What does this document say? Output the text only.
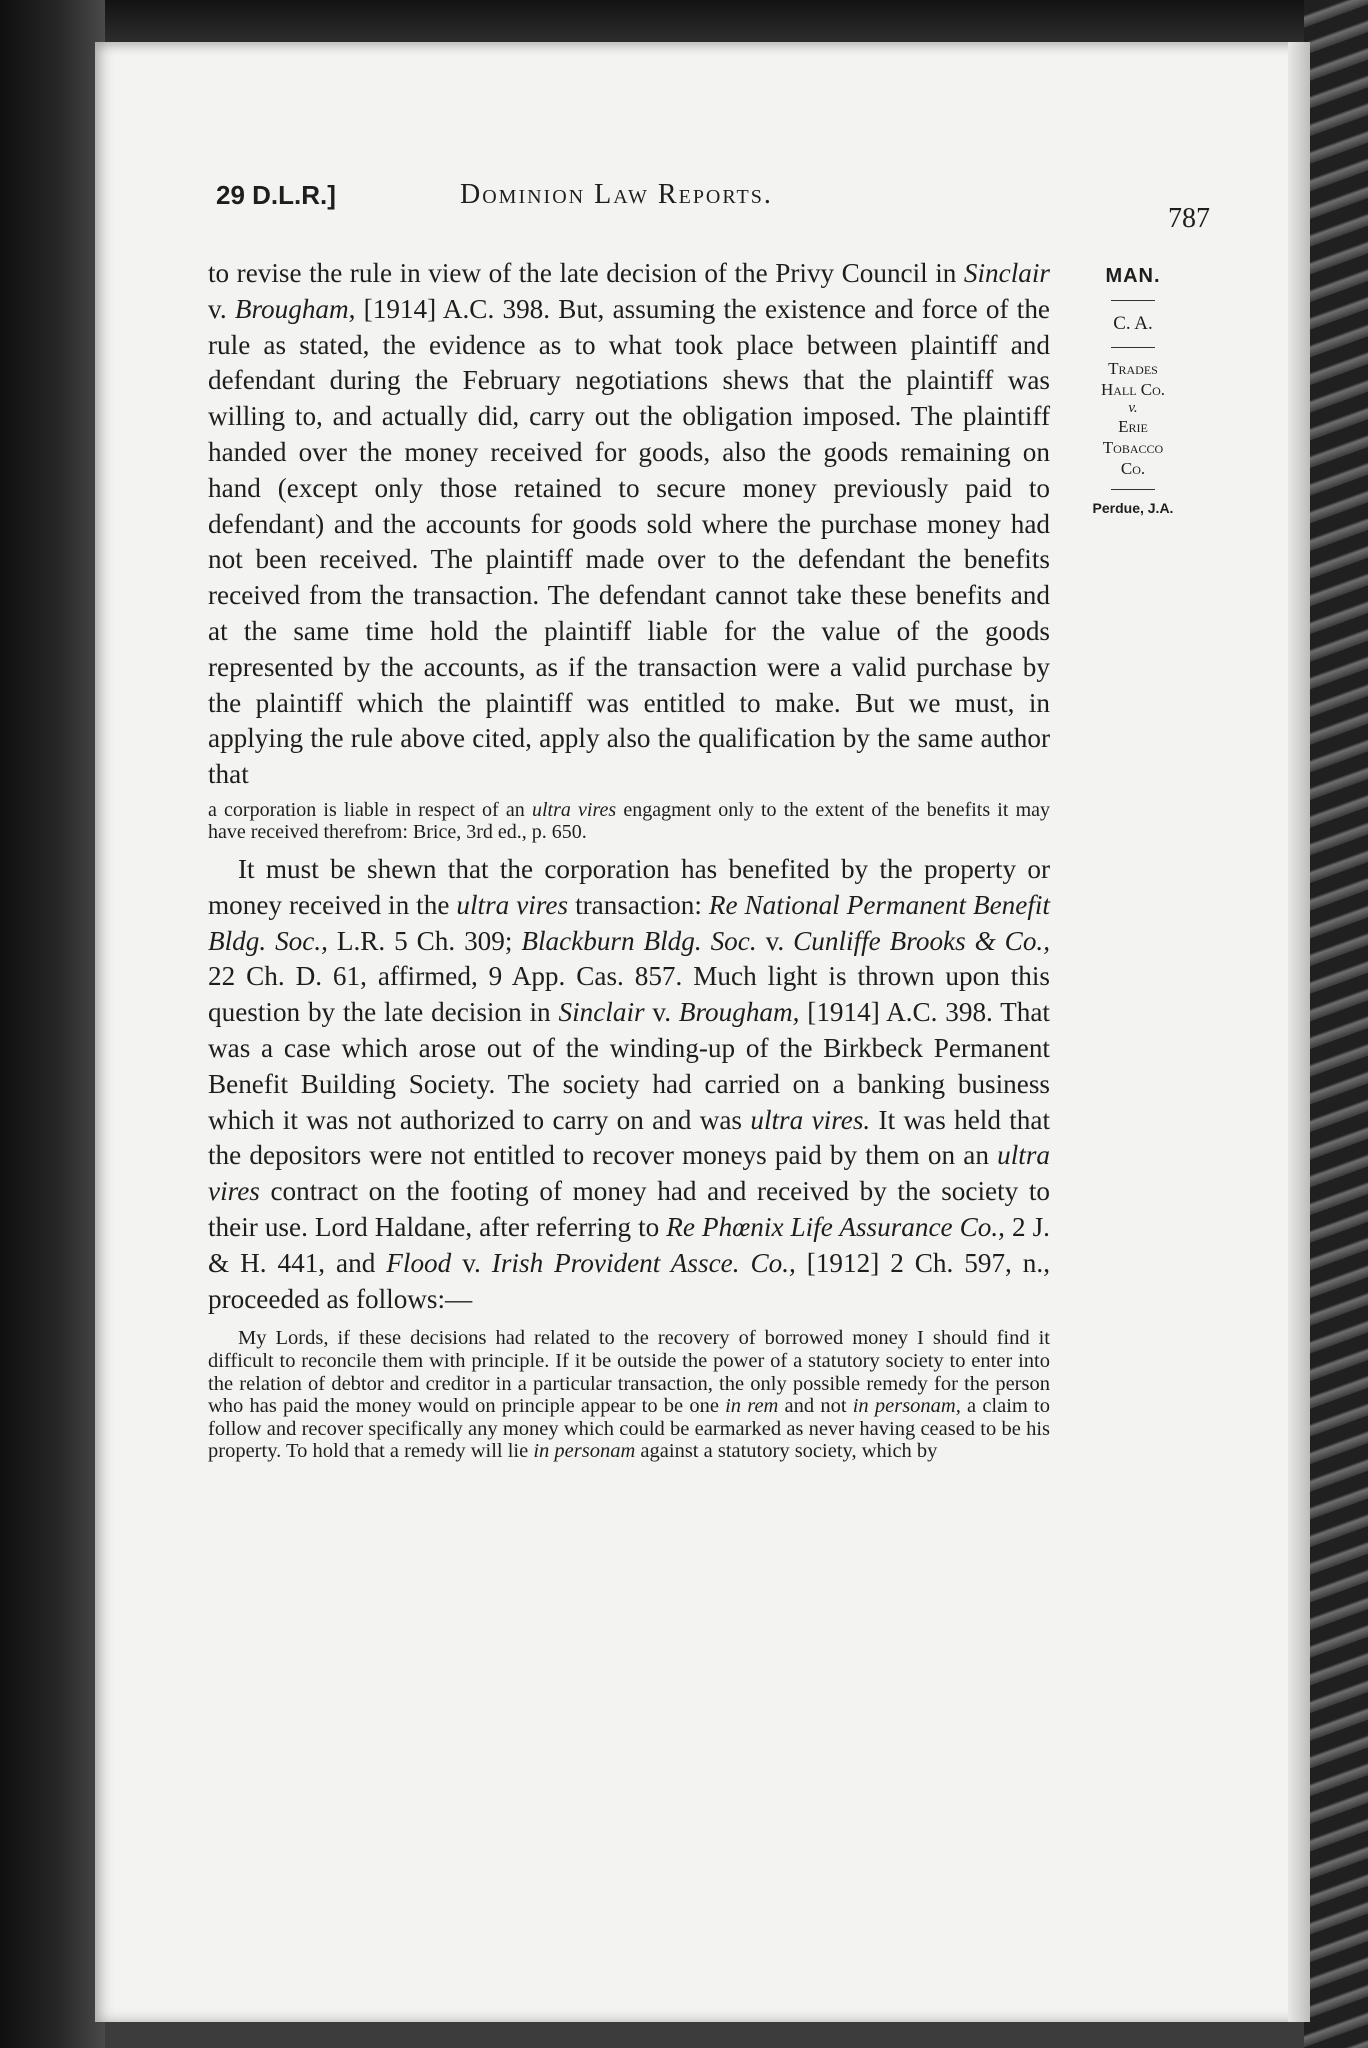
29 D.L.R.]	Dominion Law Reports.
787

to revise the rule in view of the late decision of the Privy Council in Sinclair v. Brougham, [1914] A.C. 398. But, assuming the existence and force of the rule as stated, the evidence as to what took place between plaintiff and defendant during the February negotiations shews that the plaintiff was willing to, and actually did, carry out the obligation imposed. The plaintiff handed over the money received for goods, also the goods remaining on hand (except only those retained to secure money previously paid to defendant) and the accounts for goods sold where the purchase money had not been received. The plaintiff made over to the defendant the benefits received from the transaction. The defendant cannot take these benefits and at the same time hold the plaintiff liable for the value of the goods represented by the accounts, as if the transaction were a valid purchase by the plaintiff which the plaintiff was entitled to make. But we must, in applying the rule above cited, apply also the qualification by the same author that

a corporation is liable in respect of an ultra vires engagment only to the extent of the benefits it may have received therefrom: Brice, 3rd ed., p. 650.

It must be shewn that the corporation has benefited by the property or money received in the ultra vires transaction: Re National Permanent Benefit Bldg. Soc., L.R. 5 Ch. 309; Blackburn Bldg. Soc. v. Cunliffe Brooks & Co., 22 Ch. D. 61, affirmed, 9 App. Cas. 857. Much light is thrown upon this question by the late decision in Sinclair v. Brougham, [1914] A.C. 398. That was a case which arose out of the winding-up of the Birkbeck Permanent Benefit Building Society. The society had carried on a banking business which it was not authorized to carry on and was ultra vires. It was held that the depositors were not entitled to recover moneys paid by them on an ultra vires contract on the footing of money had and received by the society to their use. Lord Haldane, after referring to Re Phœnix Life Assurance Co., 2 J. & H. 441, and Flood v. Irish Provident Assce. Co., [1912] 2 Ch. 597, n., proceeded as follows:—

My Lords, if these decisions had related to the recovery of borrowed money I should find it difficult to reconcile them with principle. If it be outside the power of a statutory society to enter into the relation of debtor and creditor in a particular transaction, the only possible remedy for the person who has paid the money would on principle appear to be one in rem and not in personam, a claim to follow and recover specifically any money which could be earmarked as never having ceased to be his property. To hold that a remedy will lie in personam against a statutory society, which by

MAN.
C. A.
Trades
Hall Co.
v.
Erie
Tobacco
Co.
Perdue, J.A.
